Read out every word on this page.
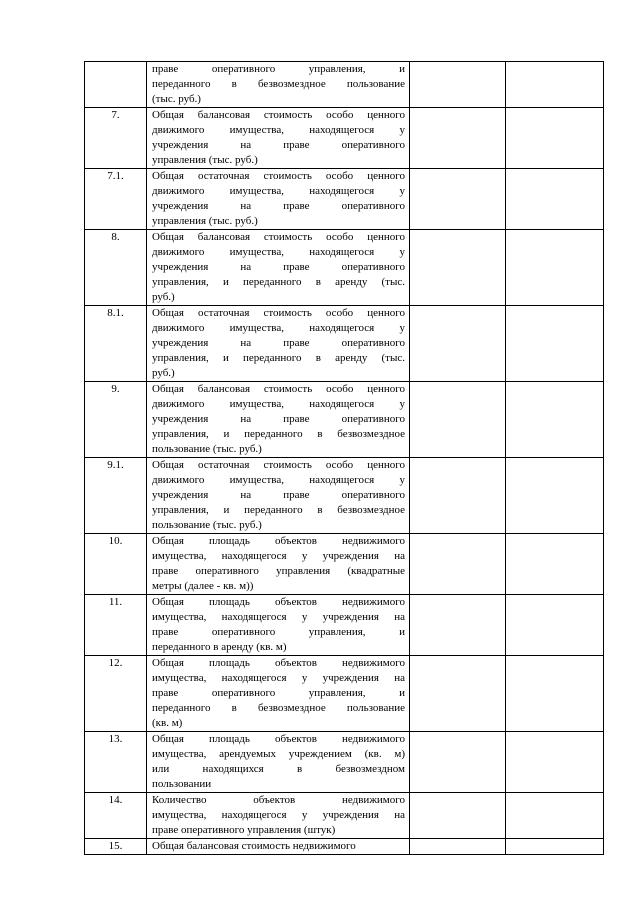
	праве оперативного управления, и
переданного в безвозмездное пользование
(тыс. руб.)		

7.	Общая балансовая стоимость особо ценного
движимого имущества, находящегося у
учреждения на праве оперативного
управления (тыс. руб.)		

7.1.	Общая остаточная стоимость особо ценного
движимого имущества, находящегося у
учреждения на праве оперативного
управления (тыс. руб.)		

8.	Общая балансовая стоимость особо ценного
движимого имущества, находящегося у
учреждения на праве оперативного
управления, и переданного в аренду (тыс.
руб.)		

8.1.	Общая остаточная стоимость особо ценного
движимого имущества, находящегося у
учреждения на праве оперативного
управления, и переданного в аренду (тыс.
руб.)		

9.	Общая балансовая стоимость особо ценного
движимого имущества, находящегося у
учреждения на праве оперативного
управления, и переданного в безвозмездное
пользование (тыс. руб.)		

9.1.	Общая остаточная стоимость особо ценного
движимого имущества, находящегося у
учреждения на праве оперативного
управления, и переданного в безвозмездное
пользование (тыс. руб.)		

10.	Общая площадь объектов недвижимого
имущества, находящегося у учреждения на
праве оперативного управления (квадратные
метры (далее - кв. м))		

11.	Общая площадь объектов недвижимого
имущества, находящегося у учреждения на
праве оперативного управления, и
переданного в аренду (кв. м)		

12.	Общая площадь объектов недвижимого
имущества, находящегося у учреждения на
праве оперативного управления, и
переданного в безвозмездное пользование
(кв. м)		

13.	Общая площадь объектов недвижимого
имущества, арендуемых учреждением (кв. м)
или находящихся в безвозмездном
пользовании		

14.	Количество объектов недвижимого
имущества, находящегося у учреждения на
праве оперативного управления (штук)		

15.	Общая балансовая стоимость недвижимого		
